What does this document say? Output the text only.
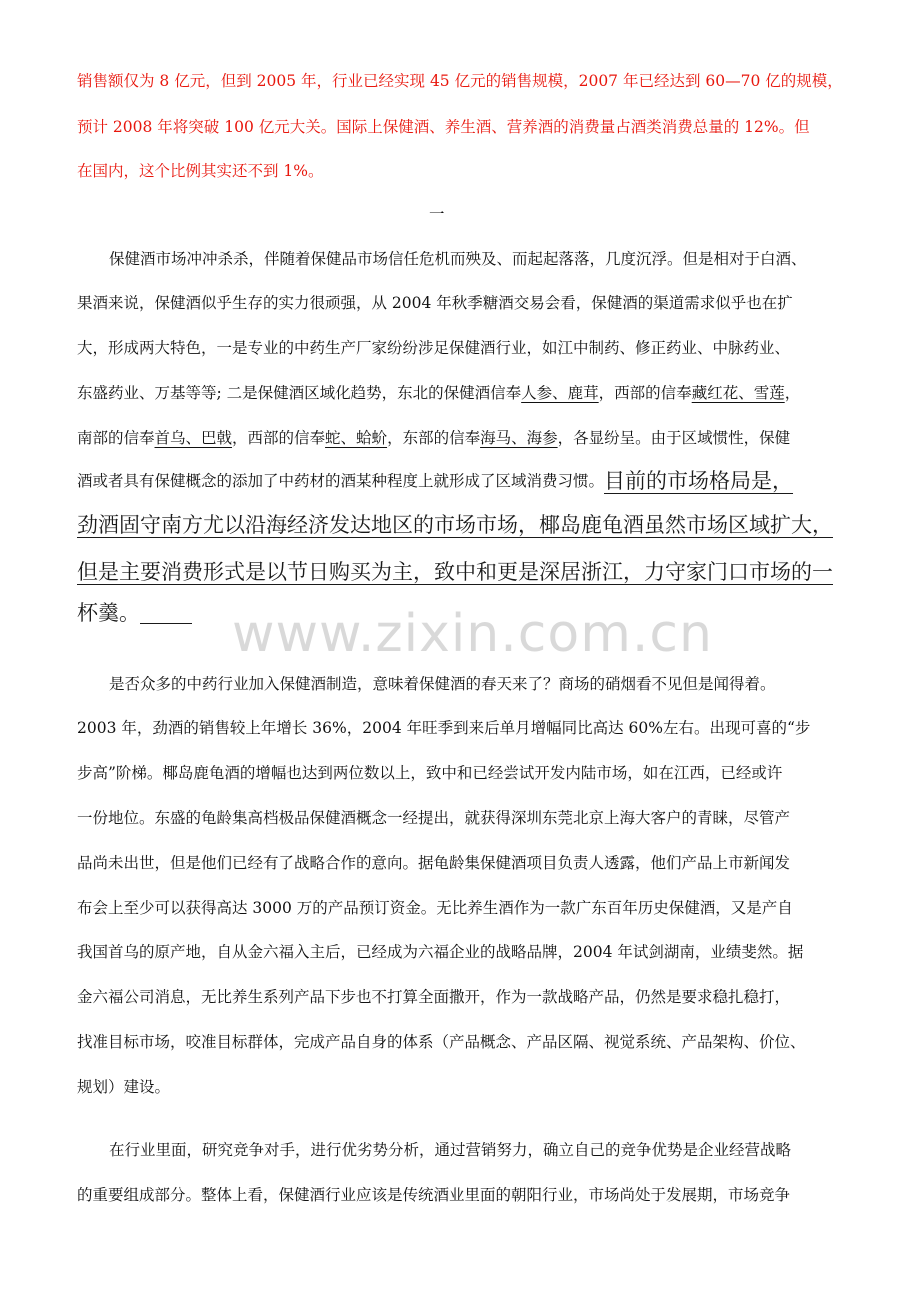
销售额仅为 8 亿元，但到 2005 年，行业已经实现 45 亿元的销售规模，2007 年已经达到 60—70 亿的规模，
预计 2008 年将突破 100 亿元大关。国际上保健酒、养生酒、营养酒的消费量占酒类消费总量的 12%。但
在国内，这个比例其实还不到 1%。
一
保健酒市场冲冲杀杀，伴随着保健品市场信任危机而殃及、而起起落落，几度沉浮。但是相对于白酒、
果酒来说，保健酒似乎生存的实力很顽强，从 2004 年秋季糖酒交易会看，保健酒的渠道需求似乎也在扩
大，形成两大特色，一是专业的中药生产厂家纷纷涉足保健酒行业，如江中制药、修正药业、中脉药业、
东盛药业、万基等等; 二是保健酒区域化趋势，东北的保健酒信奉人参、鹿茸，西部的信奉藏红花、雪莲，
南部的信奉首乌、巴戟，西部的信奉蛇、蛤蚧，东部的信奉海马、海参，各显纷呈。由于区域惯性，保健
酒或者具有保健概念的添加了中药材的酒某种程度上就形成了区域消费习惯。目前的市场格局是，
劲酒固守南方尤以沿海经济发达地区的市场市场，椰岛鹿龟酒虽然市场区域扩大，
但是主要消费形式是以节日购买为主，致中和更是深居浙江，力守家门口市场的一
杯羹。	www.zixin.com.cn
是否众多的中药行业加入保健酒制造，意味着保健酒的春天来了？商场的硝烟看不见但是闻得着。
2003 年，劲酒的销售较上年增长 36%，2004 年旺季到来后单月增幅同比高达 60%左右。出现可喜的“步
步高”阶梯。椰岛鹿龟酒的增幅也达到两位数以上，致中和已经尝试开发内陆市场，如在江西，已经或许
一份地位。东盛的龟龄集高档极品保健酒概念一经提出，就获得深圳东莞北京上海大客户的青睐，尽管产
品尚未出世，但是他们已经有了战略合作的意向。据龟龄集保健酒项目负责人透露，他们产品上市新闻发
布会上至少可以获得高达 3000 万的产品预订资金。无比养生酒作为一款广东百年历史保健酒，又是产自
我国首乌的原产地，自从金六福入主后，已经成为六福企业的战略品牌，2004 年试剑湖南，业绩斐然。据
金六福公司消息，无比养生系列产品下步也不打算全面撒开，作为一款战略产品，仍然是要求稳扎稳打，
找准目标市场，咬准目标群体，完成产品自身的体系（产品概念、产品区隔、视觉系统、产品架构、价位、
规划）建设。
在行业里面，研究竞争对手，进行优劣势分析，通过营销努力，确立自己的竞争优势是企业经营战略
的重要组成部分。整体上看，保健酒行业应该是传统酒业里面的朝阳行业，市场尚处于发展期，市场竞争
